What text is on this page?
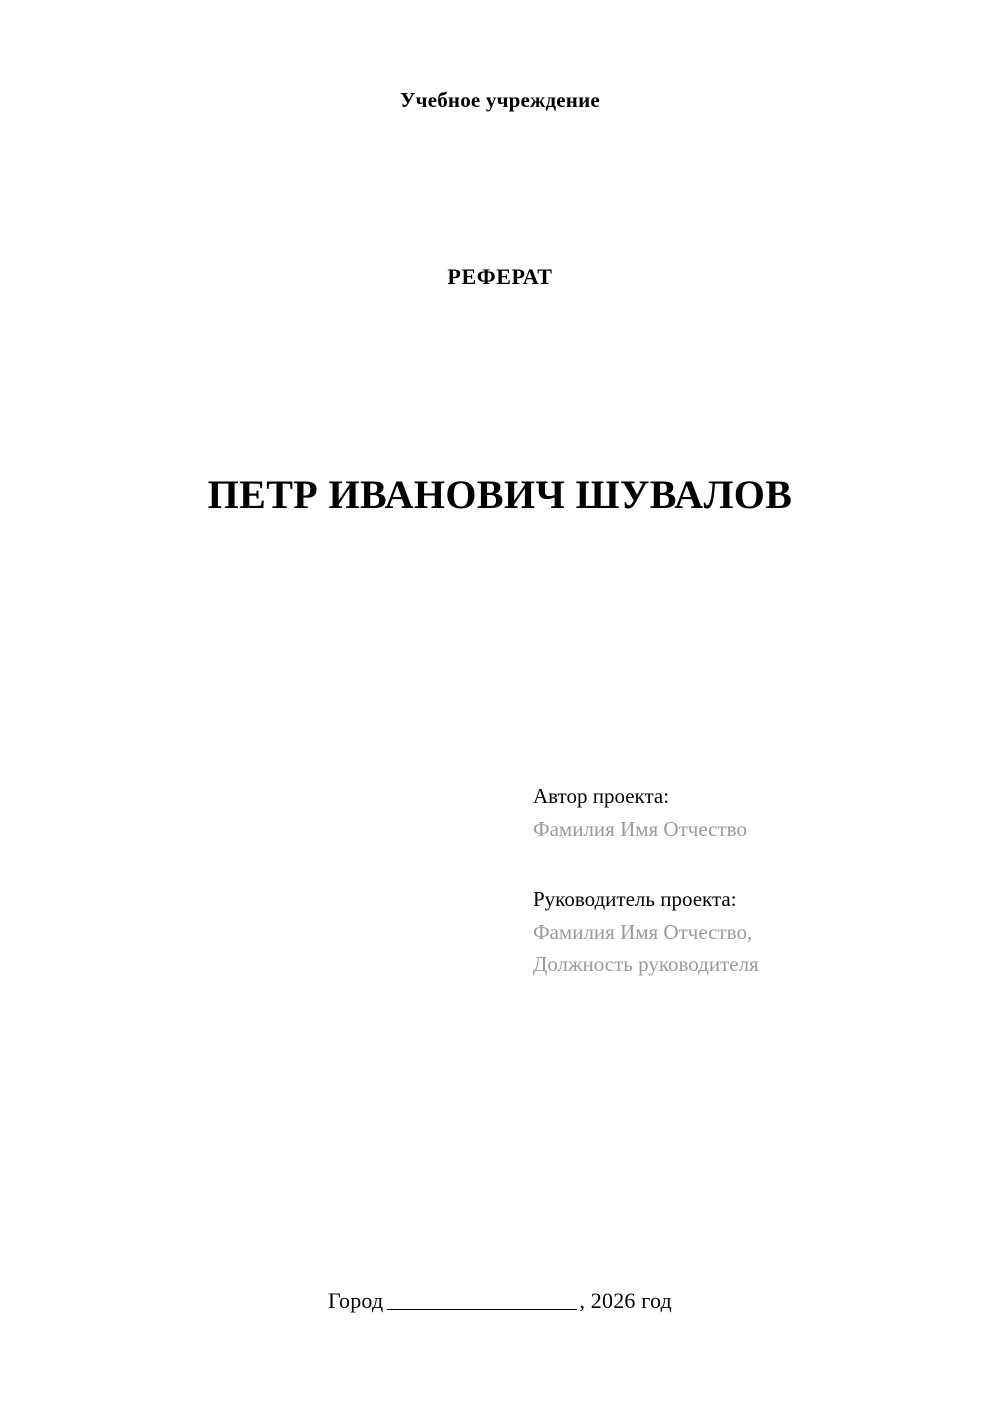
Учебное учреждение
РЕФЕРАТ
ПЕТР ИВАНОВИЧ ШУВАЛОВ
Автор проекта:
Фамилия Имя Отчество
Руководитель проекта:
Фамилия Имя Отчество,
Должность руководителя
Город	, 2026 год
